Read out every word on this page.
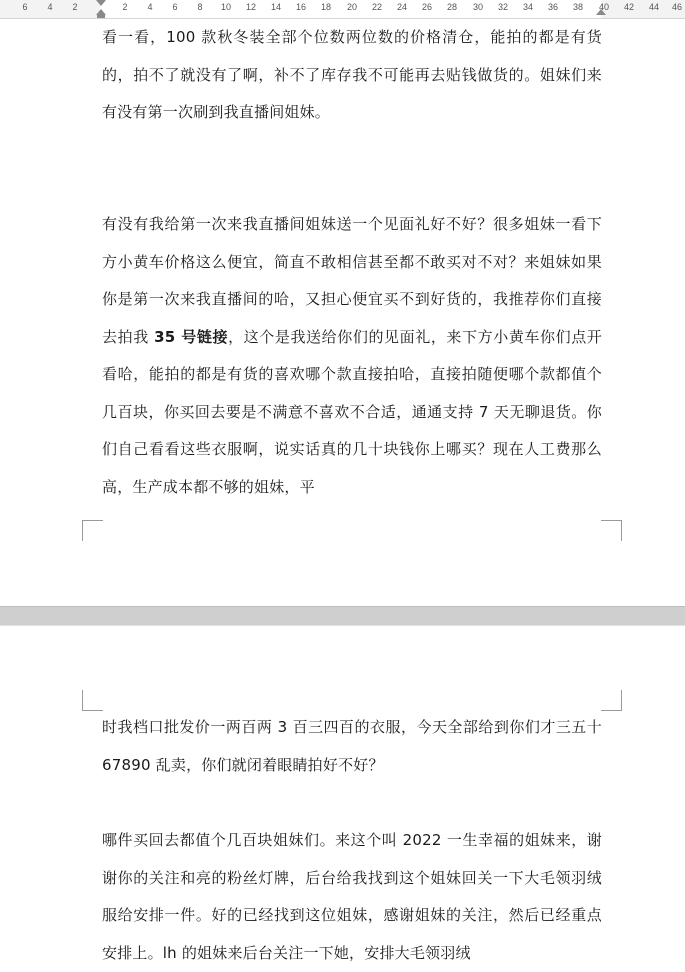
6 4 2	2 4 6 8 10 12 14 16 18 20 22 24 26 28 30 32 34 36 38 40 42 44 46

看一看，100 款秋冬装全部个位数两位数的价格清仓，能拍的都是有货的，拍不了就没有了啊，补不了库存我不可能再去贴钱做货的。姐妹们来有没有第一次刷到我直播间姐妹。

有没有我给第一次来我直播间姐妹送一个见面礼好不好？很多姐妹一看下方小黄车价格这么便宜，简直不敢相信甚至都不敢买对不对？来姐妹如果你是第一次来我直播间的哈，又担心便宜买不到好货的，我推荐你们直接去拍我 35 号链接，这个是我送给你们的见面礼，来下方小黄车你们点开看哈，能拍的都是有货的喜欢哪个款直接拍哈，直接拍随便哪个款都值个几百块，你买回去要是不满意不喜欢不合适，通通支持 7 天无聊退货。你们自己看看这些衣服啊，说实话真的几十块钱你上哪买？现在人工费那么高，生产成本都不够的姐妹，平

时我档口批发价一两百两 3 百三四百的衣服，今天全部给到你们才三五十 67890 乱卖，你们就闭着眼睛拍好不好？

哪件买回去都值个几百块姐妹们。来这个叫 2022 一生幸福的姐妹来，谢谢你的关注和亮的粉丝灯牌，后台给我找到这个姐妹回关一下大毛领羽绒服给安排一件。好的已经找到这位姐妹，感谢姐妹的关注，然后已经重点安排上。lh 的姐妹来后台关注一下她，安排大毛领羽绒
